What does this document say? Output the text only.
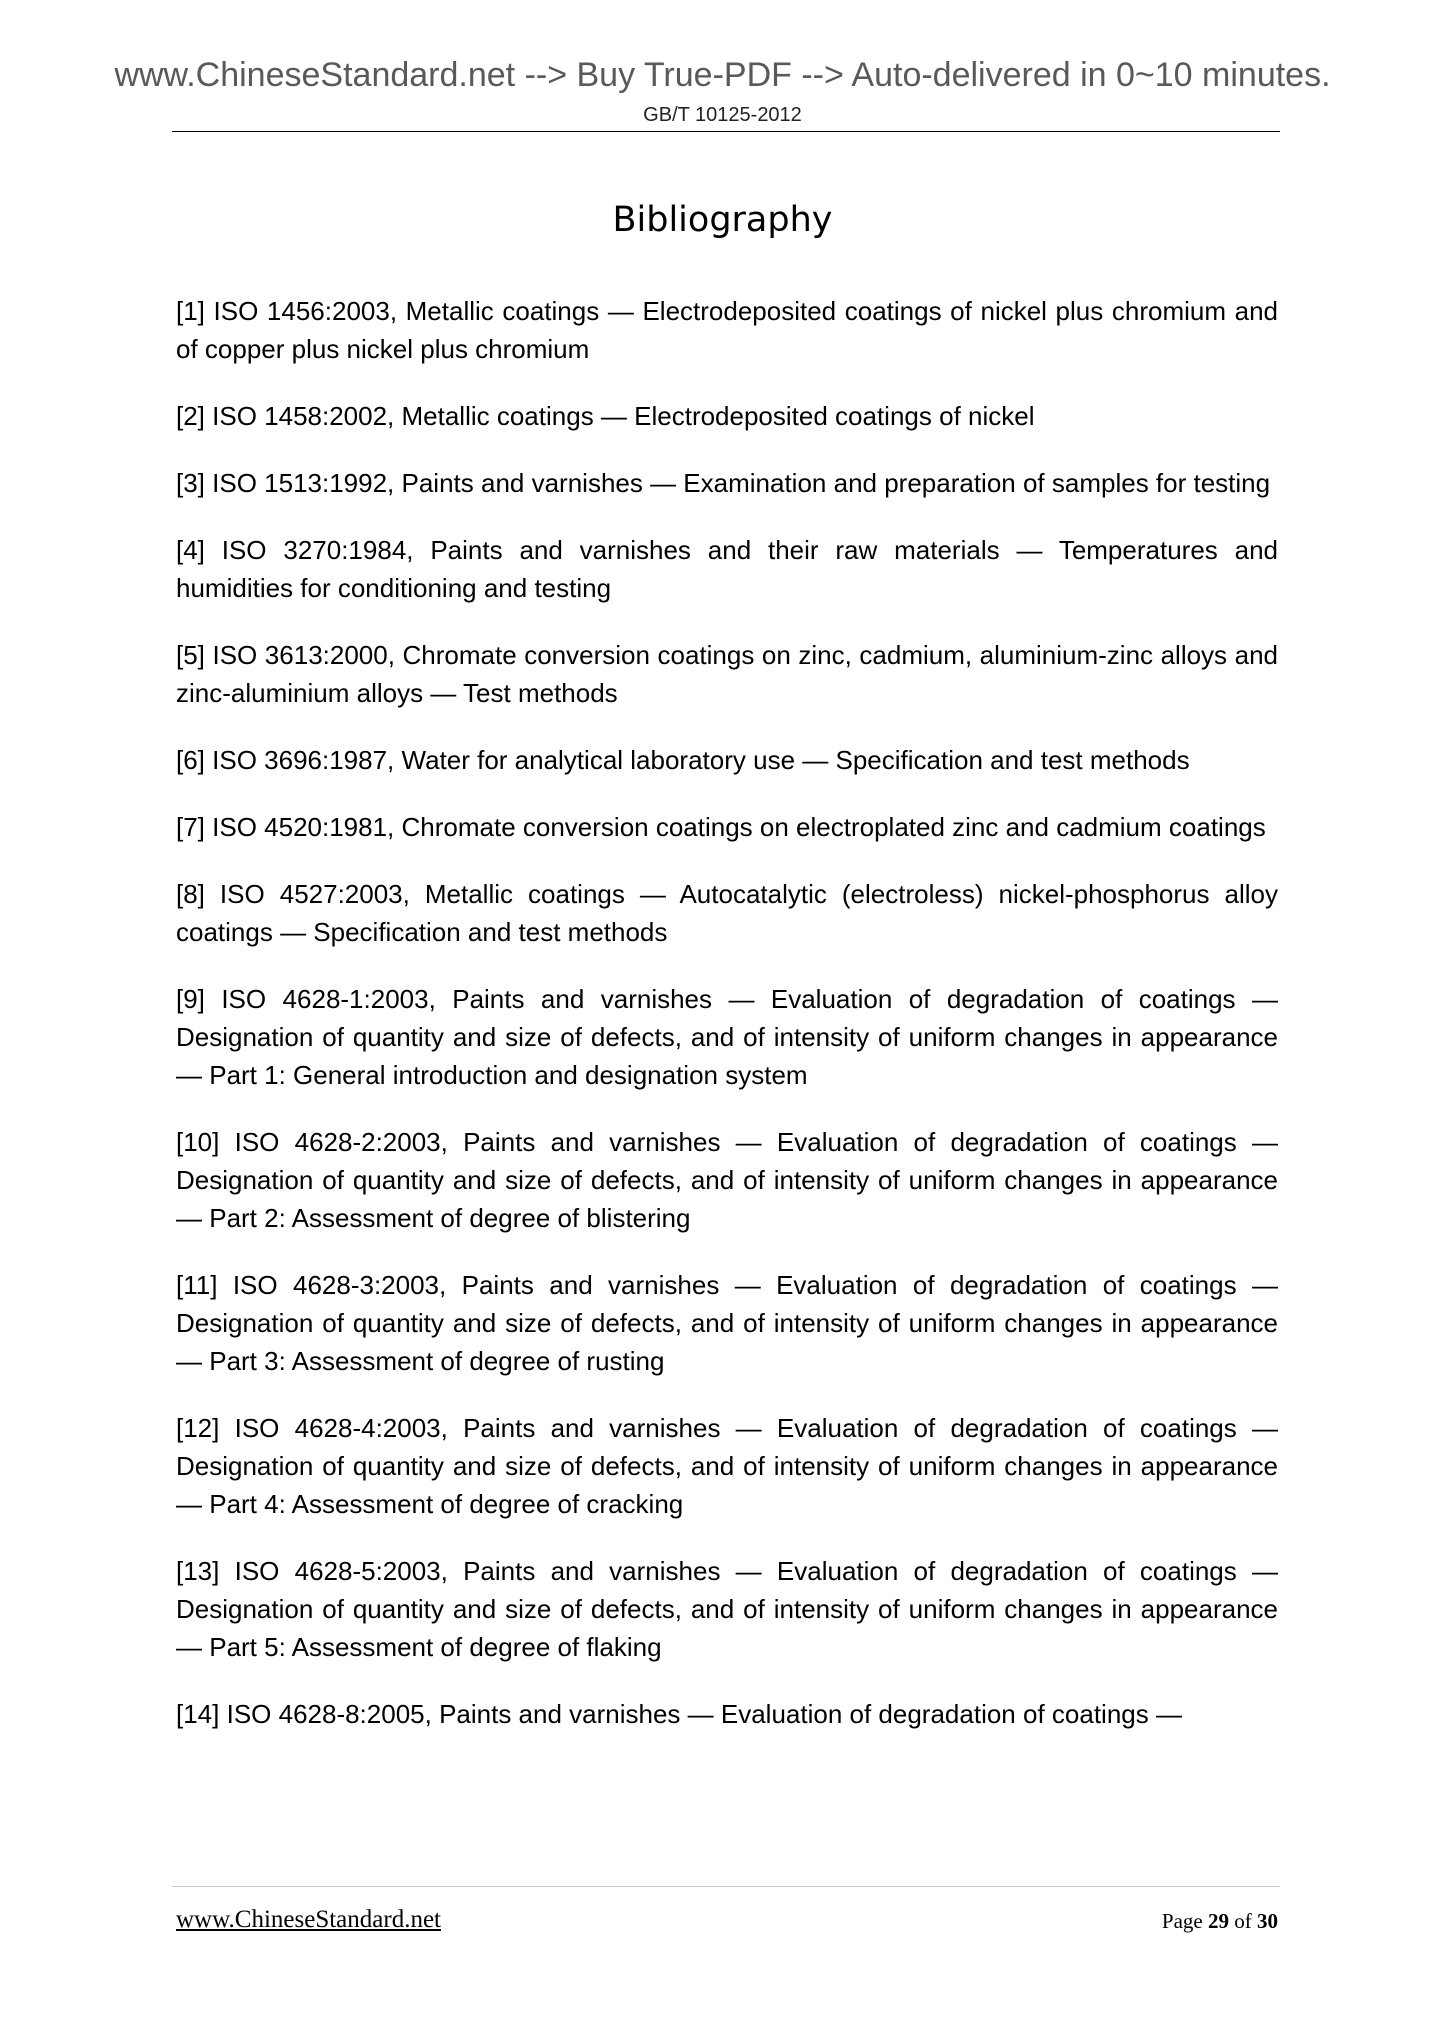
www.ChineseStandard.net --> Buy True-PDF --> Auto-delivered in 0~10 minutes.
GB/T 10125-2012
Bibliography

[1] ISO 1456:2003, Metallic coatings — Electrodeposited coatings of nickel plus chromium and of copper plus nickel plus chromium

[2] ISO 1458:2002, Metallic coatings — Electrodeposited coatings of nickel

[3] ISO 1513:1992, Paints and varnishes — Examination and preparation of samples for testing

[4] ISO 3270:1984, Paints and varnishes and their raw materials — Temperatures and humidities for conditioning and testing

[5] ISO 3613:2000, Chromate conversion coatings on zinc, cadmium, aluminium-zinc alloys and zinc-aluminium alloys — Test methods

[6] ISO 3696:1987, Water for analytical laboratory use — Specification and test methods

[7] ISO 4520:1981, Chromate conversion coatings on electroplated zinc and cadmium coatings

[8] ISO 4527:2003, Metallic coatings — Autocatalytic (electroless) nickel-phosphorus alloy coatings — Specification and test methods

[9] ISO 4628-1:2003, Paints and varnishes — Evaluation of degradation of coatings — Designation of quantity and size of defects, and of intensity of uniform changes in appearance — Part 1: General introduction and designation system

[10] ISO 4628-2:2003, Paints and varnishes — Evaluation of degradation of coatings — Designation of quantity and size of defects, and of intensity of uniform changes in appearance — Part 2: Assessment of degree of blistering

[11] ISO 4628-3:2003, Paints and varnishes — Evaluation of degradation of coatings — Designation of quantity and size of defects, and of intensity of uniform changes in appearance — Part 3: Assessment of degree of rusting

[12] ISO 4628-4:2003, Paints and varnishes — Evaluation of degradation of coatings — Designation of quantity and size of defects, and of intensity of uniform changes in appearance — Part 4: Assessment of degree of cracking

[13] ISO 4628-5:2003, Paints and varnishes — Evaluation of degradation of coatings — Designation of quantity and size of defects, and of intensity of uniform changes in appearance — Part 5: Assessment of degree of flaking

[14] ISO 4628-8:2005, Paints and varnishes — Evaluation of degradation of coatings —

www.ChineseStandard.net	Page 29 of 30
